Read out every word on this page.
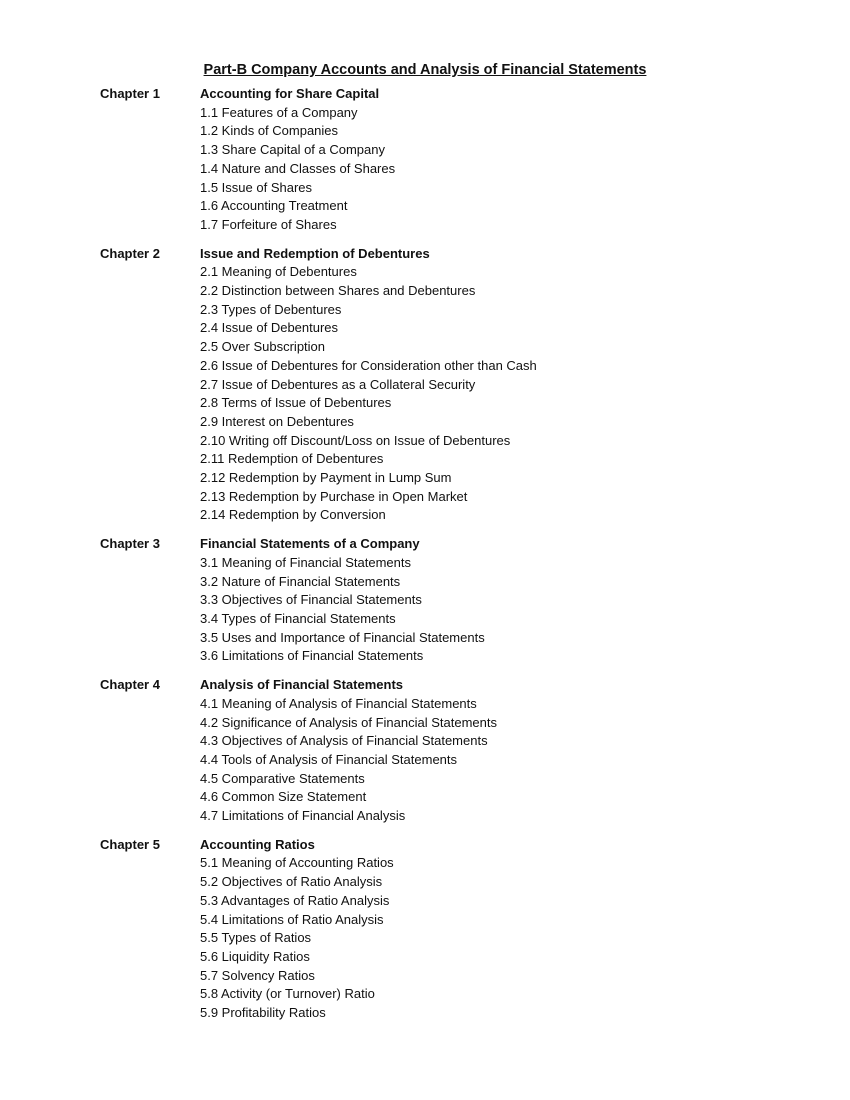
Part-B Company Accounts and Analysis of Financial Statements
Chapter 1	Accounting for Share Capital
1.1 Features of a Company
1.2 Kinds of Companies
1.3 Share Capital of a Company
1.4 Nature and Classes of Shares
1.5 Issue of Shares
1.6 Accounting Treatment
1.7 Forfeiture of Shares
Chapter 2	Issue and Redemption of Debentures
2.1 Meaning of Debentures
2.2 Distinction between Shares and Debentures
2.3 Types of Debentures
2.4 Issue of Debentures
2.5 Over Subscription
2.6 Issue of Debentures for Consideration other than Cash
2.7 Issue of Debentures as a Collateral Security
2.8 Terms of Issue of Debentures
2.9 Interest on Debentures
2.10 Writing off Discount/Loss on Issue of Debentures
2.11 Redemption of Debentures
2.12 Redemption by Payment in Lump Sum
2.13 Redemption by Purchase in Open Market
2.14 Redemption by Conversion
Chapter 3	Financial Statements of a Company
3.1 Meaning of Financial Statements
3.2 Nature of Financial Statements
3.3 Objectives of Financial Statements
3.4 Types of Financial Statements
3.5 Uses and Importance of Financial Statements
3.6 Limitations of Financial Statements
Chapter 4	Analysis of Financial Statements
4.1 Meaning of Analysis of Financial Statements
4.2 Significance of Analysis of Financial Statements
4.3 Objectives of Analysis of Financial Statements
4.4 Tools of Analysis of Financial Statements
4.5 Comparative Statements
4.6 Common Size Statement
4.7 Limitations of Financial Analysis
Chapter 5	Accounting Ratios
5.1 Meaning of Accounting Ratios
5.2 Objectives of Ratio Analysis
5.3 Advantages of Ratio Analysis
5.4 Limitations of Ratio Analysis
5.5 Types of Ratios
5.6 Liquidity Ratios
5.7 Solvency Ratios
5.8 Activity (or Turnover) Ratio
5.9 Profitability Ratios
